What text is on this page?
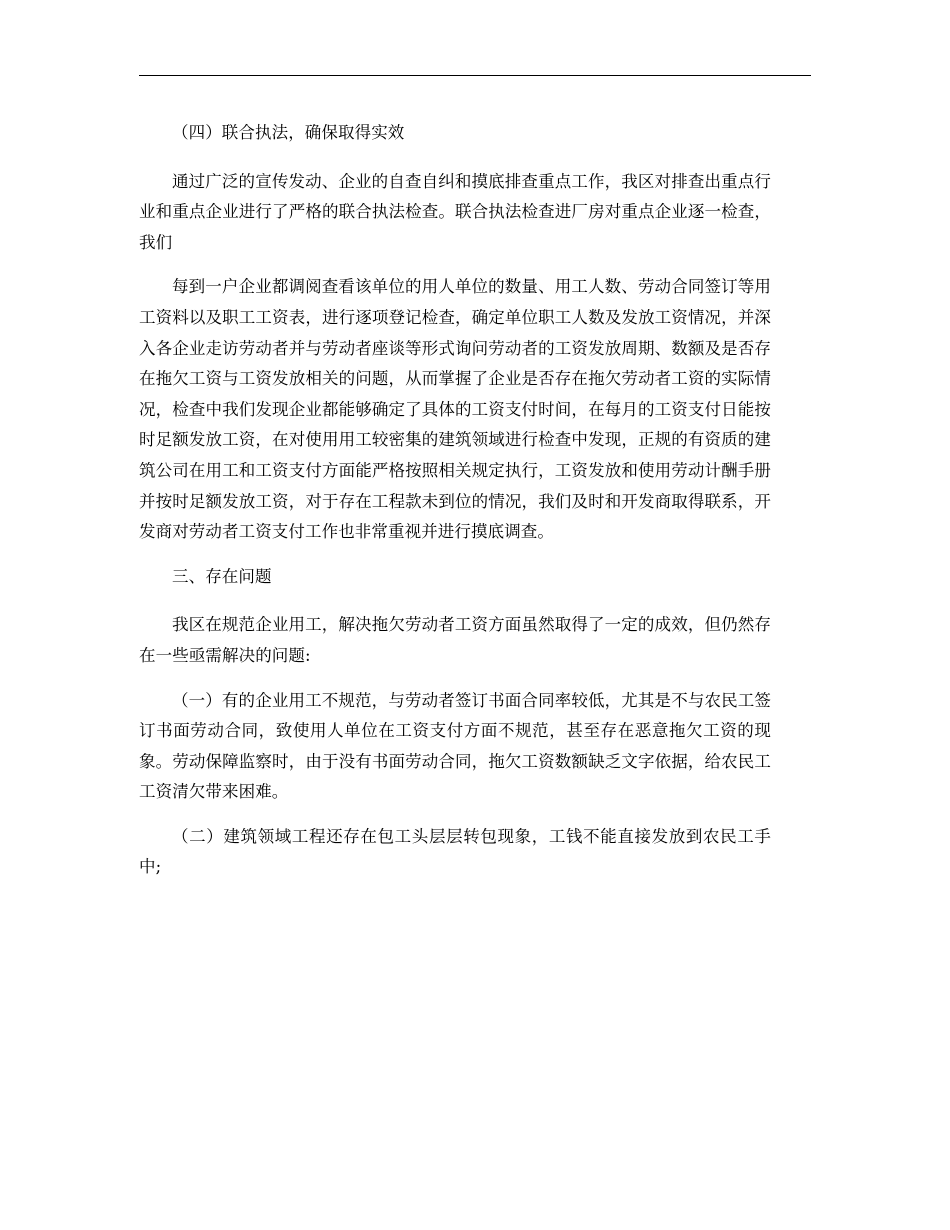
（四）联合执法，确保取得实效

通过广泛的宣传发动、企业的自查自纠和摸底排查重点工作，我区对排查出重点行业和重点企业进行了严格的联合执法检查。联合执法检查进厂房对重点企业逐一检查，我们

每到一户企业都调阅查看该单位的用人单位的数量、用工人数、劳动合同签订等用工资料以及职工工资表，进行逐项登记检查，确定单位职工人数及发放工资情况，并深入各企业走访劳动者并与劳动者座谈等形式询问劳动者的工资发放周期、数额及是否存在拖欠工资与工资发放相关的问题，从而掌握了企业是否存在拖欠劳动者工资的实际情况，检查中我们发现企业都能够确定了具体的工资支付时间，在每月的工资支付日能按时足额发放工资，在对使用用工较密集的建筑领域进行检查中发现，正规的有资质的建筑公司在用工和工资支付方面能严格按照相关规定执行，工资发放和使用劳动计酬手册并按时足额发放工资，对于存在工程款未到位的情况，我们及时和开发商取得联系，开发商对劳动者工资支付工作也非常重视并进行摸底调查。

三、存在问题

我区在规范企业用工，解决拖欠劳动者工资方面虽然取得了一定的成效，但仍然存在一些亟需解决的问题:

（一）有的企业用工不规范，与劳动者签订书面合同率较低，尤其是不与农民工签订书面劳动合同，致使用人单位在工资支付方面不规范，甚至存在恶意拖欠工资的现象。劳动保障监察时，由于没有书面劳动合同，拖欠工资数额缺乏文字依据，给农民工工资清欠带来困难。

（二）建筑领域工程还存在包工头层层转包现象，工钱不能直接发放到农民工手中;
